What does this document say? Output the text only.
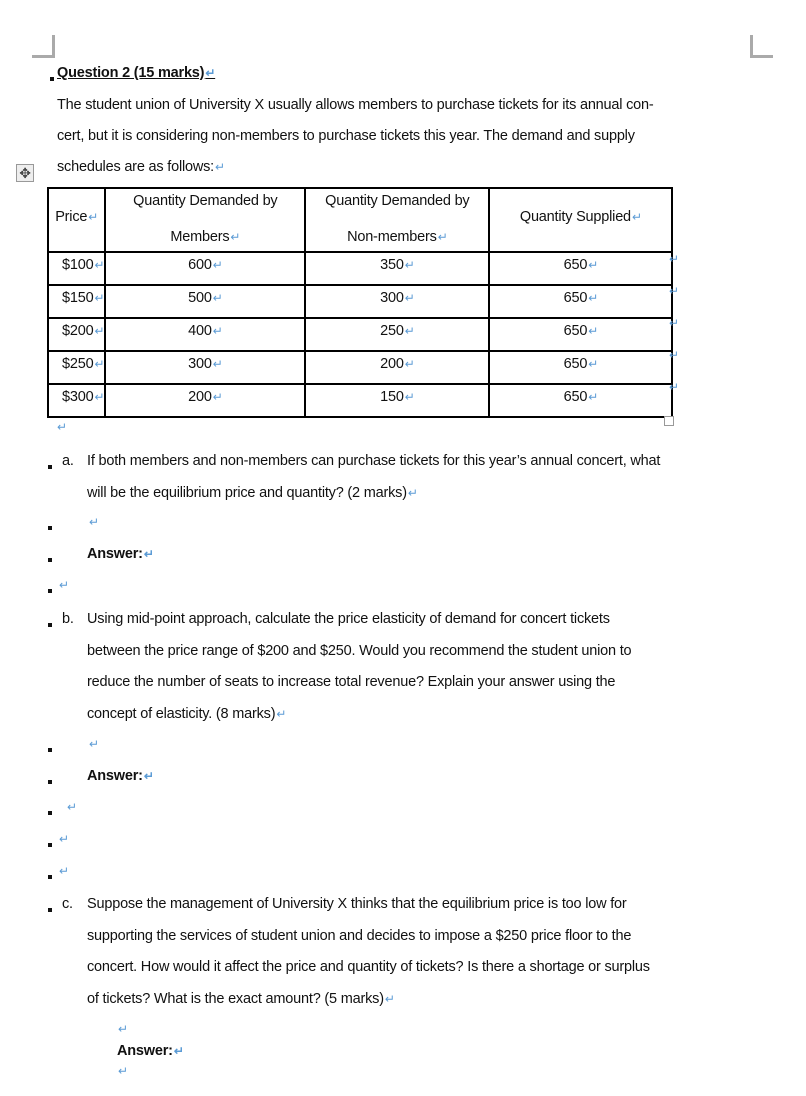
Question 2 (15 marks)↵
The student union of University X usually allows members to purchase tickets for its annual con-
cert, but it is considering non-members to purchase tickets this year. The demand and supply
schedules are as follows:↵
✥
Price↵	Quantity Demanded by

Members↵	Quantity Demanded by

Non-members↵	Quantity Supplied↵
$100↵	600↵	350↵	650↵
$150↵	500↵	300↵	650↵
$200↵	400↵	250↵	650↵
$250↵	300↵	200↵	650↵
$300↵	200↵	150↵	650↵
↵
a. If both members and non-members can purchase tickets for this year’s annual concert, what
will be the equilibrium price and quantity? (2 marks)↵
↵
Answer:↵
↵
b. Using mid-point approach, calculate the price elasticity of demand for concert tickets
between the price range of $200 and $250. Would you recommend the student union to
reduce the number of seats to increase total revenue? Explain your answer using the
concept of elasticity. (8 marks)↵
↵
Answer:↵
↵
↵
↵
c. Suppose the management of University X thinks that the equilibrium price is too low for
supporting the services of student union and decides to impose a $250 price floor to the
concert. How would it affect the price and quantity of tickets? Is there a shortage or surplus
of tickets? What is the exact amount? (5 marks)↵
↵
Answer:↵
↵
↵
↵
↵
↵
↵
